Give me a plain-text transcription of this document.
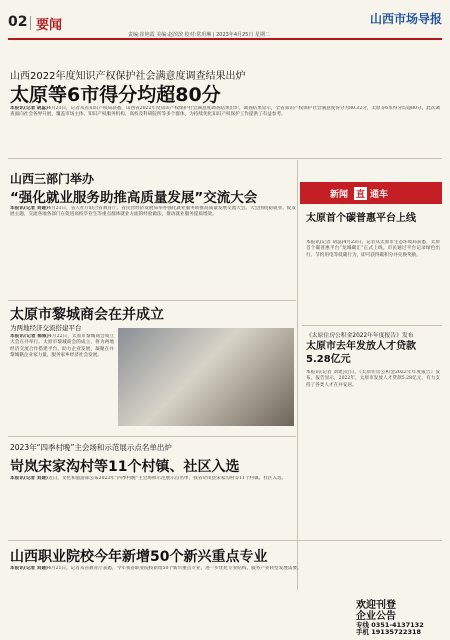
02 要闻	山西市场导报
责编:崔艳霞 美编:赵滨滨 校对:常玥琳 | 2023年4月25日 星期二
山西2022年度知识产权保护社会满意度调查结果出炉
太原等6市得分均超80分
本报讯(记者 胡蕊)4月21日，记者从省知识产权局获悉，山西省2022年度知识产权保护社会满意度调查结果出炉。调查结果显示，全省知识产权保护社会满意度得分为80.32分，太原等6市得分均超80分。此次调查面向社会各界开展，覆盖市场主体、知识产权服务机构、高校及科研院所等多个群体，为持续优化知识产权保护工作提供了有益参考。
山西三部门举办
“强化就业服务助推高质量发展”交流大会
本报讯(记者 刘建)4月21日，省人社厅联合省教育厅、省民营经济发展局举办强化就业服务助推高质量发展交流大会。大会围绕稳就业、促发展主题，交流各地各部门在促进高校毕业生等重点群体就业方面的经验做法，推动就业服务提质增效。
新闻 直 通车
太原首个碳普惠平台上线
本报讯(记者 胡蕊)4月23日，记者从太原市生态环境局获悉，太原首个碳普惠平台“龙城碳汇”正式上线。市民通过平台记录绿色出行、节约用电等低碳行为，即可获得碳积分并兑换奖励。
《太原住房公积金2022年年度报告》发布
太原市去年发放人才贷款5.28亿元
本报讯(记者 刘建)近日，《太原住房公积金2022年年度报告》发布。报告显示，2022年，太原市发放人才贷款5.28亿元，有力支持了各类人才在并安居。
太原市黎城商会在并成立
为两地经济交流搭建平台
本报讯(记者 郝威)4月22日，太原市黎城商会成立大会在并举行。太原市黎城商会的成立，将为两地经济交流合作搭建平台，助力企业发展，凝聚在并黎城籍企业家力量，服务家乡经济社会发展。
2023年“四季村晚”主会场和示范展示点名单出炉
岢岚宋家沟村等11个村镇、社区入选
本报讯(记者 刘建)近日，文化和旅游部公布2023年“四季村晚”主会场和示范展示点名单，我省岢岚县宋家沟村等11个村镇、社区入选。
山西职业院校今年新增50个新兴重点专业
本报讯(记者 刘建)4月21日，记者从省教育厅获悉，今年我省职业院校新增50个新兴重点专业，进一步优化专业结构，服务产业转型发展需要。
欢迎刊登
企业公告
专线 0351-4137132
手机 19135722318
